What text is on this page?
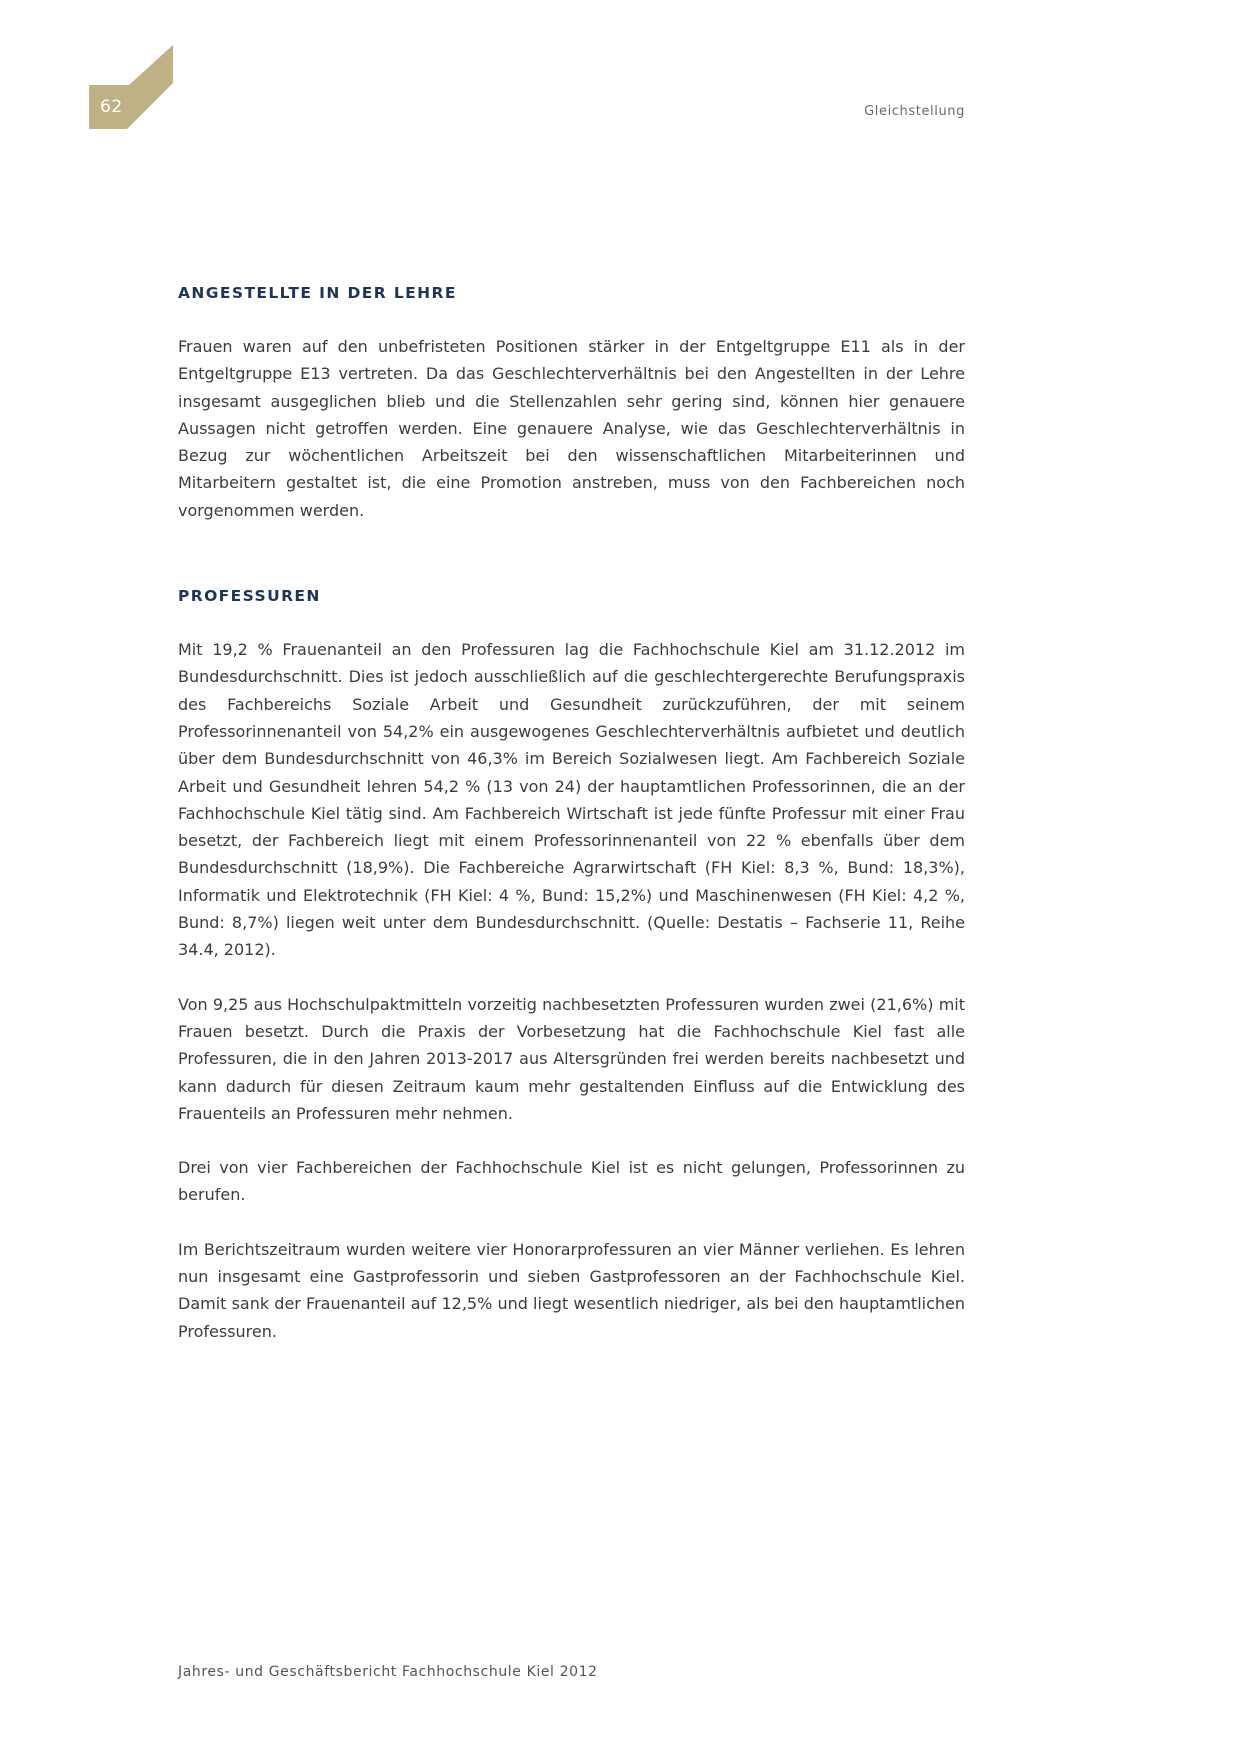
62	Gleichstellung
ANGESTELLTE IN DER LEHRE

Frauen waren auf den unbefristeten Positionen stärker in der Entgeltgruppe E11 als in der Entgeltgruppe E13 vertreten. Da das Geschlechterverhältnis bei den Angestellten in der Lehre insgesamt ausgeglichen blieb und die Stellenzahlen sehr gering sind, können hier genauere Aussagen nicht getroffen werden. Eine genauere Analyse, wie das Geschlechterverhältnis in Bezug zur wöchentlichen Arbeitszeit bei den wissenschaftlichen Mitarbeiterinnen und Mitarbeitern gestaltet ist, die eine Promotion anstreben, muss von den Fachbereichen noch vorgenommen werden.

PROFESSUREN

Mit 19,2 % Frauenanteil an den Professuren lag die Fachhochschule Kiel am 31.12.2012 im Bundesdurchschnitt. Dies ist jedoch ausschließlich auf die geschlechtergerechte Berufungspraxis des Fachbereichs Soziale Arbeit und Gesundheit zurückzuführen, der mit seinem Professorinnenanteil von 54,2% ein ausgewogenes Geschlechterverhältnis aufbietet und deutlich über dem Bundesdurchschnitt von 46,3% im Bereich Sozialwesen liegt. Am Fachbereich Soziale Arbeit und Gesundheit lehren 54,2 % (13 von 24) der hauptamtlichen Professorinnen, die an der Fachhochschule Kiel tätig sind. Am Fachbereich Wirtschaft ist jede fünfte Professur mit einer Frau besetzt, der Fachbereich liegt mit einem Professorinnenanteil von 22 % ebenfalls über dem Bundesdurchschnitt (18,9%). Die Fachbereiche Agrarwirtschaft (FH Kiel: 8,3 %, Bund: 18,3%), Informatik und Elektrotechnik (FH Kiel: 4 %, Bund: 15,2%) und Maschinenwesen (FH Kiel: 4,2 %, Bund: 8,7%) liegen weit unter dem Bundesdurchschnitt. (Quelle: Destatis – Fachserie 11, Reihe 34.4, 2012).

Von 9,25 aus Hochschulpaktmitteln vorzeitig nachbesetzten Professuren wurden zwei (21,6%) mit Frauen besetzt. Durch die Praxis der Vorbesetzung hat die Fachhochschule Kiel fast alle Professuren, die in den Jahren 2013-2017 aus Altersgründen frei werden bereits nachbesetzt und kann dadurch für diesen Zeitraum kaum mehr gestaltenden Einfluss auf die Entwicklung des Frauenteils an Professuren mehr nehmen.

Drei von vier Fachbereichen der Fachhochschule Kiel ist es nicht gelungen, Professorinnen zu berufen.

Im Berichtszeitraum wurden weitere vier Honorarprofessuren an vier Männer verliehen. Es lehren nun insgesamt eine Gastprofessorin und sieben Gastprofessoren an der Fachhochschule Kiel. Damit sank der Frauenanteil auf 12,5% und liegt wesentlich niedriger, als bei den hauptamtlichen Professuren.

Jahres- und Geschäftsbericht Fachhochschule Kiel 2012
